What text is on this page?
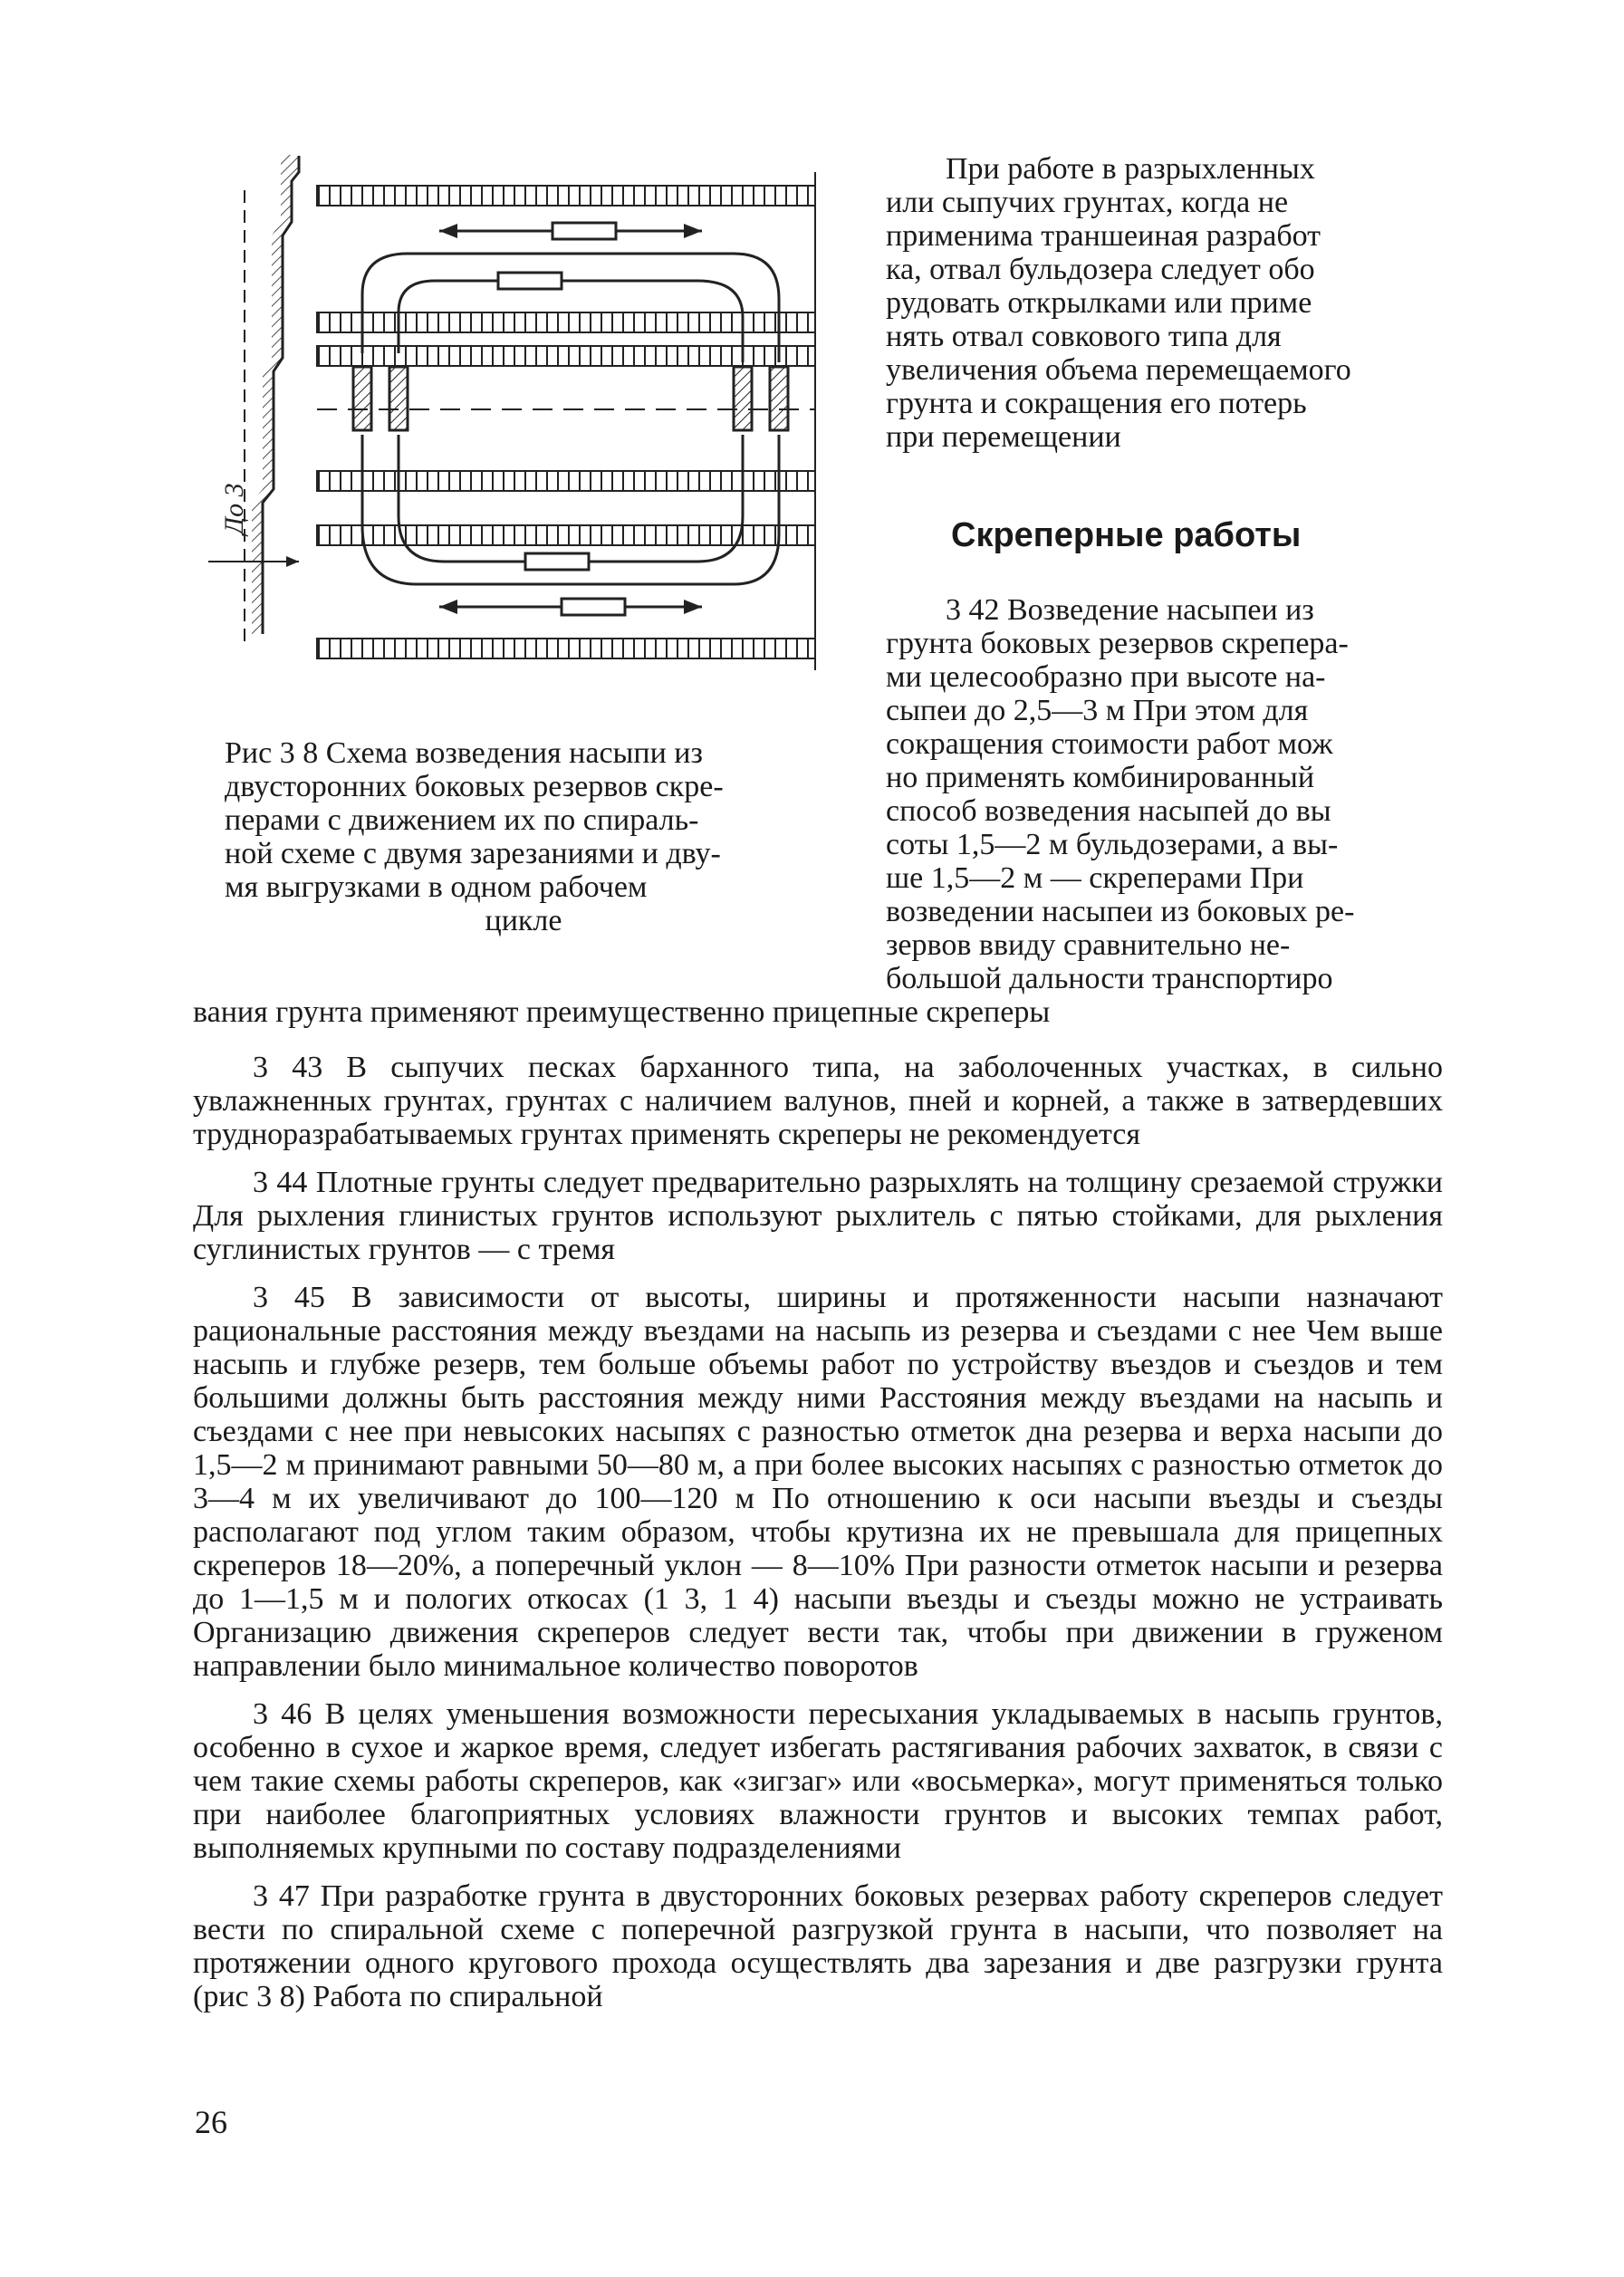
До 3
Рис 3 8 Схема возведения насыпи из
двусторонних боковых резервов скре-
перами с движением их по спираль-
ной схеме с двумя зарезаниями и дву-
мя выгрузками в одном рабочем
цикле
При работе в разрыхленных
или сыпучих грунтах, когда не
применима траншеиная разработ
ка, отвал бульдозера следует обо
рудовать открылками или приме
нять отвал совкового типа для
увеличения объема перемещаемого
грунта и сокращения его потерь
при перемещении
Скреперные работы
3 42 Возведение насыпеи из
грунта боковых резервов скрепера-
ми целесообразно при высоте на-
сыпеи до 2,5—3 м При этом для
сокращения стоимости работ мож
но применять комбинированный
способ возведения насыпей до вы
соты 1,5—2 м бульдозерами, а вы-
ше 1,5—2 м — скреперами При
возведении насыпеи из боковых ре-
зервов ввиду сравнительно не-
большой дальности транспортиро
вания грунта применяют преимущественно прицепные скреперы

3 43 В сыпучих песках барханного типа, на заболоченных участках, в сильно увлажненных грунтах, грунтах с наличием валунов, пней и корней, а также в затвердевших трудноразрабатываемых грунтах применять скреперы не рекомендуется

3 44 Плотные грунты следует предварительно разрыхлять на толщину срезаемой стружки Для рыхления глинистых грунтов используют рыхлитель с пятью стойками, для рыхления суглинистых грунтов — с тремя

3 45 В зависимости от высоты, ширины и протяженности насыпи назначают рациональные расстояния между въездами на насыпь из резерва и съездами с нее Чем выше насыпь и глубже резерв, тем больше объемы работ по устройству въездов и съездов и тем большими должны быть расстояния между ними Расстояния между въездами на насыпь и съездами с нее при невысоких насыпях с разностью отметок дна резерва и верха насыпи до 1,5—2 м принимают равными 50—80 м, а при более высоких насыпях с разностью отметок до 3—4 м их увеличивают до 100—120 м По отношению к оси насыпи въезды и съезды располагают под углом таким образом, чтобы крутизна их не превышала для прицепных скреперов 18—20%, а поперечный уклон — 8—10% При разности отметок насыпи и резерва до 1—1,5 м и пологих откосах (1 3, 1 4) насыпи въезды и съезды можно не устраивать Организацию движения скреперов следует вести так, чтобы при движении в груженом направлении было минимальное количество поворотов

3 46 В целях уменьшения возможности пересыхания укладываемых в насыпь грунтов, особенно в сухое и жаркое время, следует избегать растягивания рабочих захваток, в связи с чем такие схемы работы скреперов, как «зигзаг» или «восьмерка», могут применяться только при наиболее благоприятных условиях влажности грунтов и высоких темпах работ, выполняемых крупными по составу подразделениями

3 47 При разработке грунта в двусторонних боковых резервах работу скреперов следует вести по спиральной схеме с поперечной разгрузкой грунта в насыпи, что позволяет на протяжении одного кругового прохода осуществлять два зарезания и две разгрузки грунта (рис 3 8) Работа по спиральной

26
